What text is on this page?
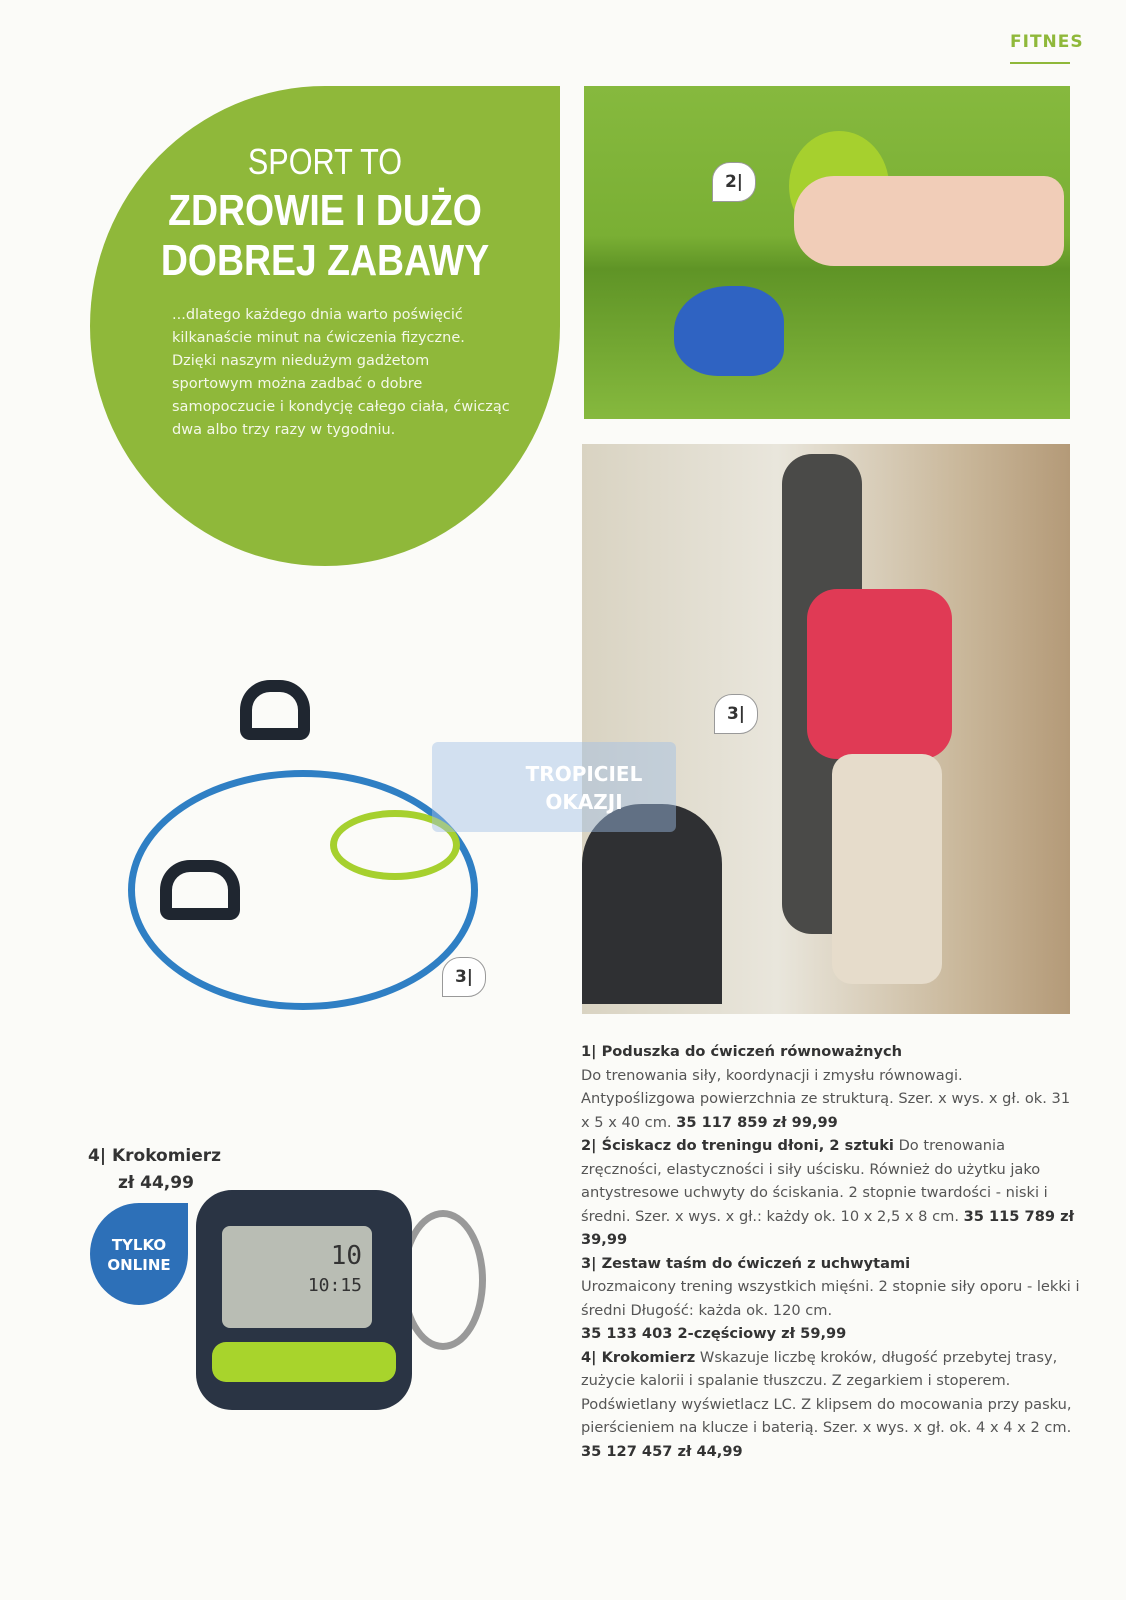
FITNES
SPORT TO
ZDROWIE I DUŻO DOBREJ ZABAWY
...dlatego każdego dnia warto poświęcić kilkanaście minut na ćwiczenia fizyczne. Dzięki naszym niedużym gadżetom sportowym można zadbać o dobre samopoczucie i kondycję całego ciała, ćwicząc dwa albo trzy razy w tygodniu.
2|
3|
3|
TROPICIEL
OKAZJI
4| Krokomierz
zł 44,99
10
10:15
TYLKO
ONLINE
1| Poduszka do ćwiczeń równoważnych
Do trenowania siły, koordynacji i zmysłu równowagi. Antypoślizgowa powierzchnia ze strukturą. Szer. x wys. x gł. ok. 31 x 5 x 40 cm. 35 117 859 zł 99,99
2| Ściskacz do treningu dłoni, 2 sztuki Do trenowania zręczności, elastyczności i siły uścisku. Również do użytku jako antystresowe uchwyty do ściskania. 2 stopnie twardości - niski i średni. Szer. x wys. x gł.: każdy ok. 10 x 2,5 x 8 cm. 35 115 789 zł 39,99
3| Zestaw taśm do ćwiczeń z uchwytami
Urozmaicony trening wszystkich mięśni. 2 stopnie siły oporu - lekki i średni Długość: każda ok. 120 cm.
35 133 403 2-częściowy zł 59,99
4| Krokomierz Wskazuje liczbę kroków, długość przebytej trasy, zużycie kalorii i spalanie tłuszczu. Z zegarkiem i stoperem. Podświetlany wyświetlacz LC. Z klipsem do mocowania przy pasku, pierścieniem na klucze i baterią. Szer. x wys. x gł. ok. 4 x 4 x 2 cm.
35 127 457 zł 44,99
